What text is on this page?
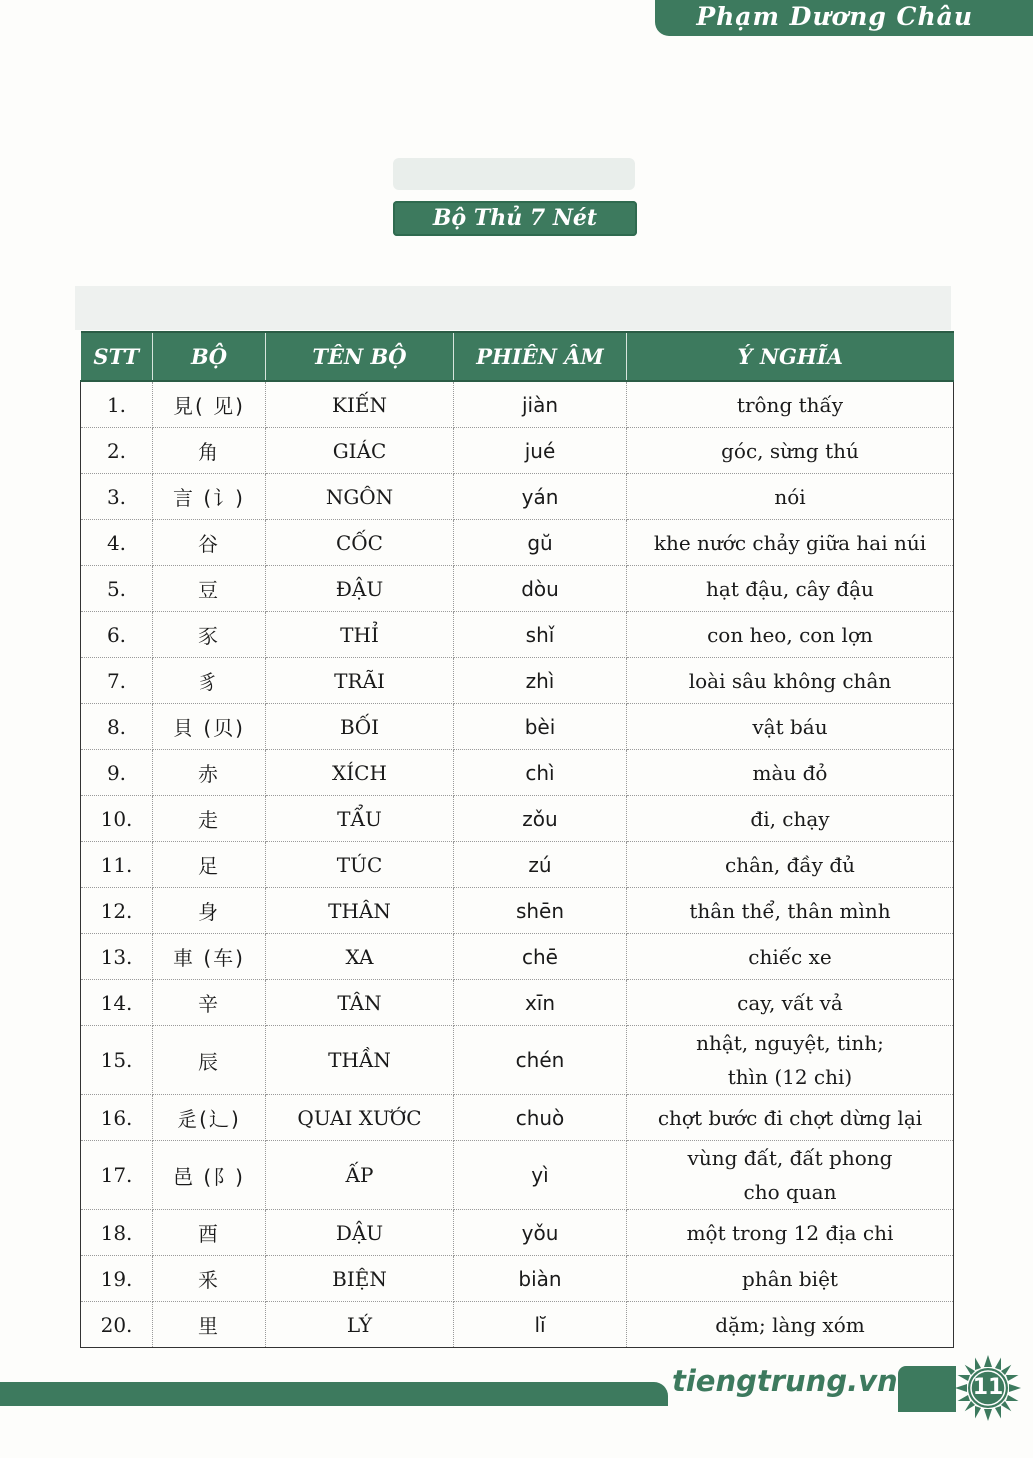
Phạm Dương Châu
Bộ Thủ 7 Nét
STT	BỘ	TÊN BỘ	PHIÊN ÂM	Ý NGHĨA
1.	見( 见)	KIẾN	jiàn	trông thấy
2.	角	GIÁC	jué	góc, sừng thú
3.	言 (讠)	NGÔN	yán	nói
4.	谷	CỐC	gŭ	khe nước chảy giữa hai núi
5.	豆	ĐẬU	dòu	hạt đậu, cây đậu
6.	豕	THỈ	shǐ	con heo, con lợn
7.	豸	TRÃI	zhì	loài sâu không chân
8.	貝 (贝)	BỐI	bèi	vật báu
9.	赤	XÍCH	chì	màu đỏ
10.	走	TẨU	zǒu	đi, chạy
11.	足	TÚC	zú	chân, đầy đủ
12.	身	THÂN	shēn	thân thể, thân mình
13.	車 (车)	XA	chē	chiếc xe
14.	辛	TÂN	xīn	cay, vất vả
15.	辰	THẦN	chén	nhật, nguyệt, tinh;
thìn (12 chi)

16.	辵(辶)	QUAI XƯỚC	chuò	chợt bước đi chợt dừng lại
17.	邑 (阝)	ẤP	yì	vùng đất, đất phong
cho quan

18.	酉	DẬU	yǒu	một trong 12 địa chi
19.	釆	BIỆN	biàn	phân biệt
20.	里	LÝ	lĭ	dặm; làng xóm
tiengtrung.vn	11
